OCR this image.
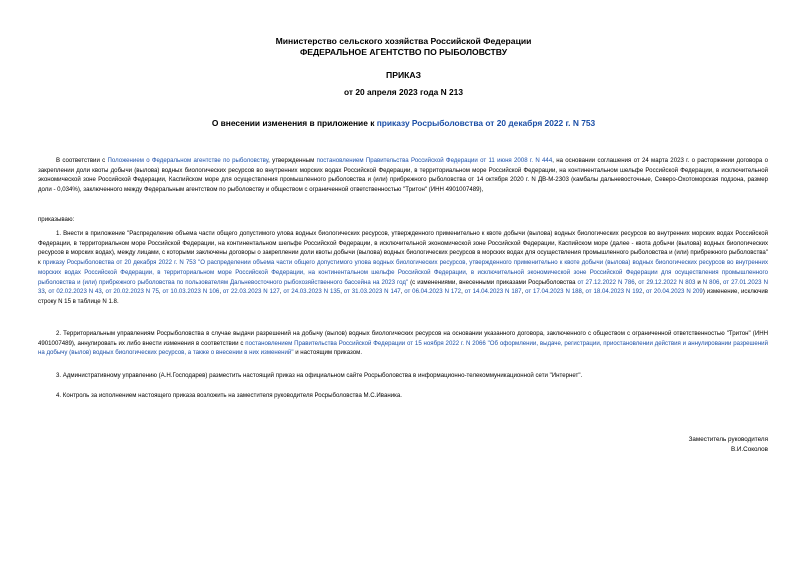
Министерство сельского хозяйства Российской Федерации
ФЕДЕРАЛЬНОЕ АГЕНТСТВО ПО РЫБОЛОВСТВУ
ПРИКАЗ
от 20 апреля 2023 года N 213
О внесении изменения в приложение к приказу Росрыболовства от 20 декабря 2022 г. N 753

В соответствии с Положением о Федеральном агентстве по рыболовству, утвержденным постановлением Правительства Российской Федерации от 11 июня 2008 г. N 444, на основании соглашения от 24 марта 2023 г. о расторжении договора о закреплении доли квоты добычи (вылова) водных биологических ресурсов во внутренних морских водах Российской Федерации, в территориальном море Российской Федерации, на континентальном шельфе Российской Федерации, в исключительной экономической зоне Российской Федерации, Каспийском море для осуществления промышленного рыболовства и (или) прибрежного рыболовства от 14 октября 2020 г. N ДВ-М-2303 (камбалы дальневосточные, Северо-Охотоморская подзона, размер доли - 0,034%), заключенного между Федеральным агентством по рыболовству и обществом с ограниченной ответственностью "Тритон" (ИНН 4901007489),

приказываю:

1. Внести в приложение "Распределение объема части общего допустимого улова водных биологических ресурсов, утвержденного применительно к квоте добычи (вылова) водных биологических ресурсов во внутренних морских водах Российской Федерации, в территориальном море Российской Федерации, на континентальном шельфе Российской Федерации, в исключительной экономической зоне Российской Федерации, Каспийском море (далее - квота добычи (вылова) водных биологических ресурсов в морских водах), между лицами, с которыми заключены договоры о закреплении доли квоты добычи (вылова) водных биологических ресурсов в морских водах для осуществления промышленного рыболовства и (или) прибрежного рыболовства" к приказу Росрыболовства от 20 декабря 2022 г. N 753 "О распределении объема части общего допустимого улова водных биологических ресурсов, утвержденного применительно к квоте добычи (вылова) водных биологических ресурсов во внутренних морских водах Российской Федерации, в территориальном море Российской Федерации, на континентальном шельфе Российской Федерации, в исключительной экономической зоне Российской Федерации для осуществления промышленного рыболовства и (или) прибрежного рыболовства по пользователям Дальневосточного рыбохозяйственного бассейна на 2023 год" (с изменениями, внесенными приказами Росрыболовства от 27.12.2022 N 786, от 29.12.2022 N 803 и N 806, от 27.01.2023 N 33, от 02.02.2023 N 43, от 20.02.2023 N 75, от 10.03.2023 N 106, от 22.03.2023 N 127, от 24.03.2023 N 135, от 31.03.2023 N 147, от 06.04.2023 N 172, от 14.04.2023 N 187, от 17.04.2023 N 188, от 18.04.2023 N 192, от 20.04.2023 N 209) изменение, исключив строку N 15 в таблице N 1.8.

2. Территориальным управлениям Росрыболовства в случае выдачи разрешений на добычу (вылов) водных биологических ресурсов на основании указанного договора, заключенного с обществом с ограниченной ответственностью "Тритон" (ИНН 4901007489), аннулировать их либо внести изменения в соответствии с постановлением Правительства Российской Федерации от 15 ноября 2022 г. N 2066 "Об оформлении, выдаче, регистрации, приостановлении действия и аннулировании разрешений на добычу (вылов) водных биологических ресурсов, а также о внесении в них изменений" и настоящим приказом.

3. Административному управлению (А.Н.Господарев) разместить настоящий приказ на официальном сайте Росрыболовства в информационно-телекоммуникационной сети "Интернет".

4. Контроль за исполнением настоящего приказа возложить на заместителя руководителя Росрыболовства М.С.Иваника.

Заместитель руководителя
В.И.Соколов
